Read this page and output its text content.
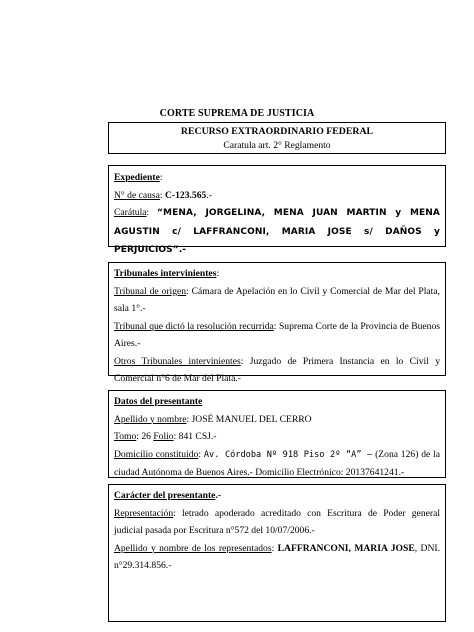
CORTE SUPREMA DE JUSTICIA
RECURSO EXTRAORDINARIO FEDERAL
Caratula art. 2° Reglamento
Expediente:
N° de causa: C-123.565.-
Carátula: “MENA, JORGELINA, MENA JUAN MARTIN y MENA AGUSTIN c/ LAFFRANCONI, MARIA JOSE s/ DAÑOS y PERJUICIOS”.-
Tribunales intervinientes:
Tribunal de origen: Cámara de Apelación en lo Civil y Comercial de Mar del Plata, sala 1°.-
Tribunal que dictó la resolución recurrida: Suprema Corte de la Provincia de Buenos Aires.-
Otros Tribunales intervinientes: Juzgado de Primera Instancia en lo Civil y Comercial n°6 de Mar del Plata.-
Datos del presentante
Apellido y nombre: JOSÉ MANUEL DEL CERRO
Tomo: 26 Folio: 841 CSJ.-
Domicilio constituido: Av. Córdoba Nº 918 Piso 2º “A” – (Zona 126) de la ciudad Autónoma de Buenos Aires.- Domicilio Electrónico: 20137641241.-
Carácter del presentante.-
Representación: letrado apoderado acreditado con Escritura de Poder general judicial pasada por Escritura n°572 del 10/07/2006.-
Apellido y nombre de los representados: LAFFRANCONI, MARIA JOSE, DNI. n°29.314.856.-
